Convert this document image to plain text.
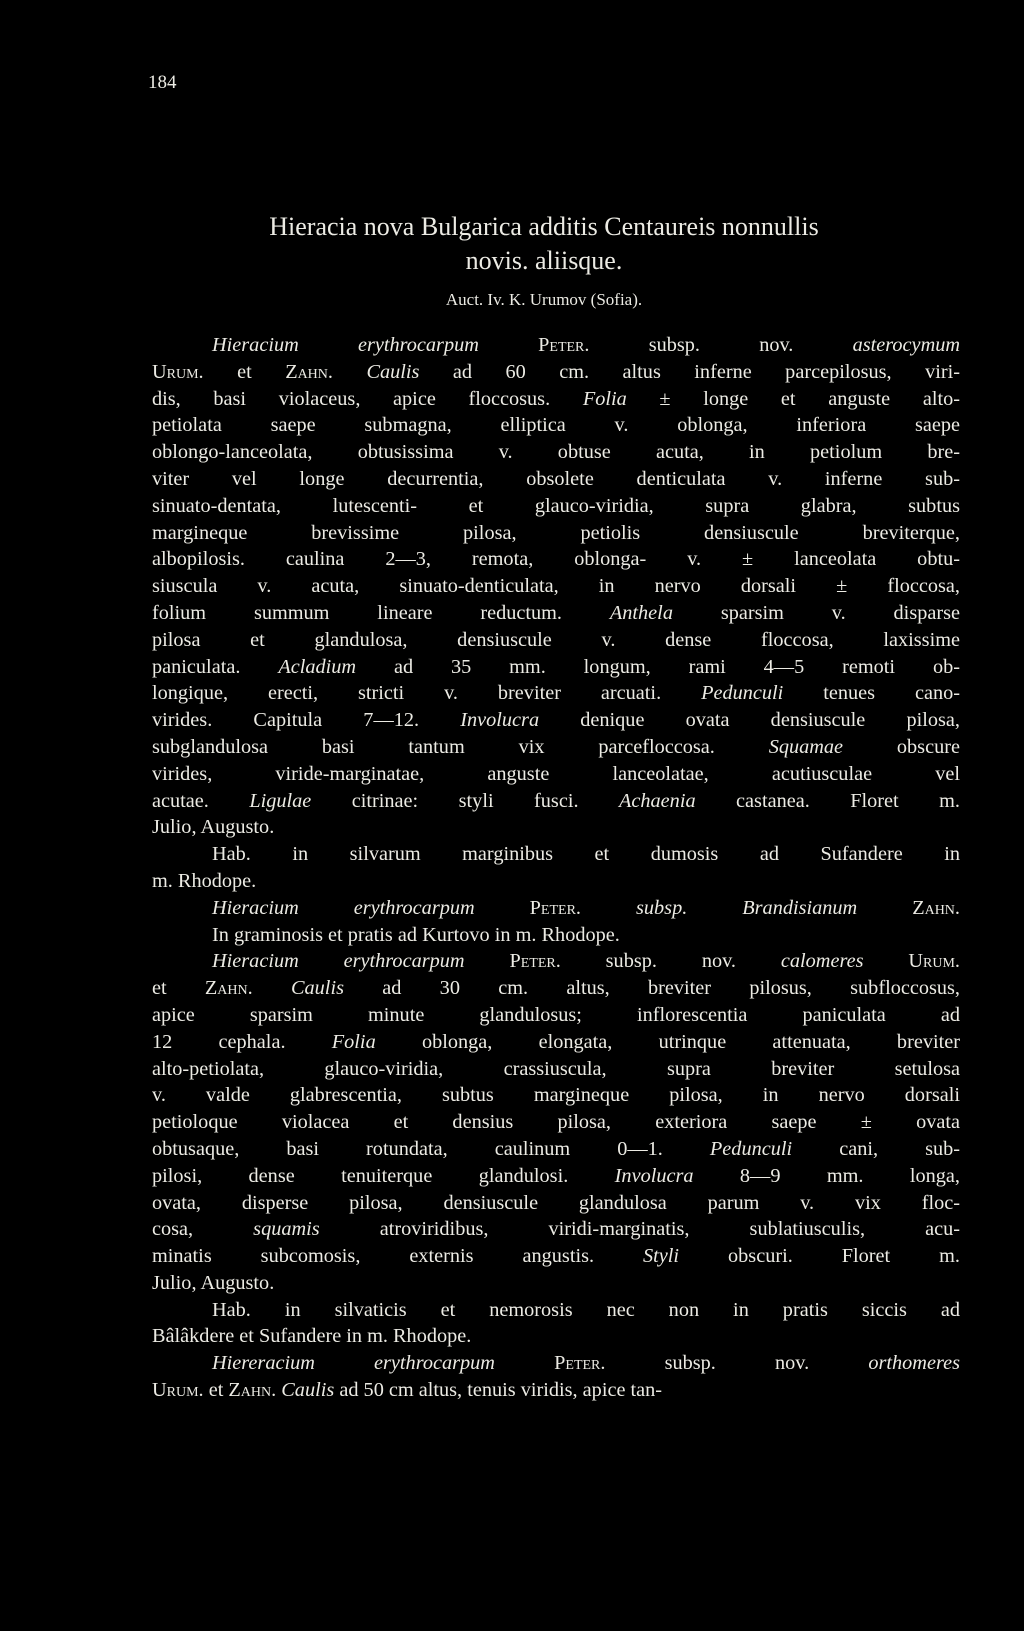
184
Hieracia nova Bulgarica additis Centaureis nonnullis
novis. aliisque.
Auct. Iv. K. Urumov (Sofia).
Hieracium erythrocarpum	Peter. subsp. nov. asterocymum
Urum. et Zahn. Caulis ad 60 cm. altus inferne parcepilosus, viri-
dis, basi violaceus, apice floccosus. Folia ± longe et anguste alto-
petiolata saepe submagna, elliptica v. oblonga, inferiora saepe
oblongo-lanceolata, obtusissima v. obtuse acuta, in petiolum bre-
viter vel longe decurrentia, obsolete denticulata v. inferne sub-
sinuato-dentata, lutescenti- et glauco-viridia, supra glabra, subtus
margineque brevissime pilosa, petiolis densiuscule breviterque,
albopilosis. caulina 2—3, remota, oblonga- v. ± lanceolata obtu-
siuscula v. acuta, sinuato-denticulata, in nervo dorsali ± floccosa,
folium summum lineare reductum. Anthela sparsim v. disparse
pilosa et glandulosa, densiuscule v. dense floccosa, laxissime
paniculata. Acladium ad 35 mm. longum, rami 4—5 remoti ob-
longique, erecti, stricti v. breviter arcuati. Pedunculi tenues cano-
virides. Capitula 7—12. Involucra denique ovata densiuscule pilosa,
subglandulosa basi tantum vix parcefloccosa. Squamae obscure
virides, viride-marginatae, anguste lanceolatae, acutiusculae vel
acutae. Ligulae citrinae: styli fusci. Achaenia castanea. Floret m.
Julio, Augusto.
Hab. in silvarum marginibus et dumosis ad Sufandere in
m. Rhodope.
Hieracium erythrocarpum	Peter.	subsp. Brandisianum	Zahn.
In graminosis et pratis ad Kurtovo in m. Rhodope.
Hieracium erythrocarpum Peter. subsp. nov. calomeres Urum.
et Zahn. Caulis ad 30 cm. altus, breviter pilosus, subfloccosus,
apice sparsim minute glandulosus; inflorescentia paniculata ad
12 cephala. Folia oblonga, elongata, utrinque attenuata, breviter
alto-petiolata, glauco-viridia, crassiuscula, supra breviter setulosa
v. valde glabrescentia, subtus margineque pilosa, in nervo dorsali
petioloque violacea et densius pilosa, exteriora saepe ± ovata
obtusaque, basi rotundata, caulinum 0—1. Pedunculi cani, sub-
pilosi, dense tenuiterque glandulosi. Involucra 8—9 mm. longa,
ovata, disperse pilosa, densiuscule glandulosa parum v. vix floc-
cosa, squamis atroviridibus, viridi-marginatis, sublatiusculis, acu-
minatis subcomosis, externis angustis. Styli obscuri. Floret m.
Julio, Augusto.
Hab. in silvaticis et nemorosis nec non in pratis siccis ad
Bâlâkdere et Sufandere in m. Rhodope.
Hiereracium erythrocarpum	Peter. subsp. nov. orthomeres
Urum. et Zahn. Caulis ad 50 cm altus, tenuis viridis, apice tan-
